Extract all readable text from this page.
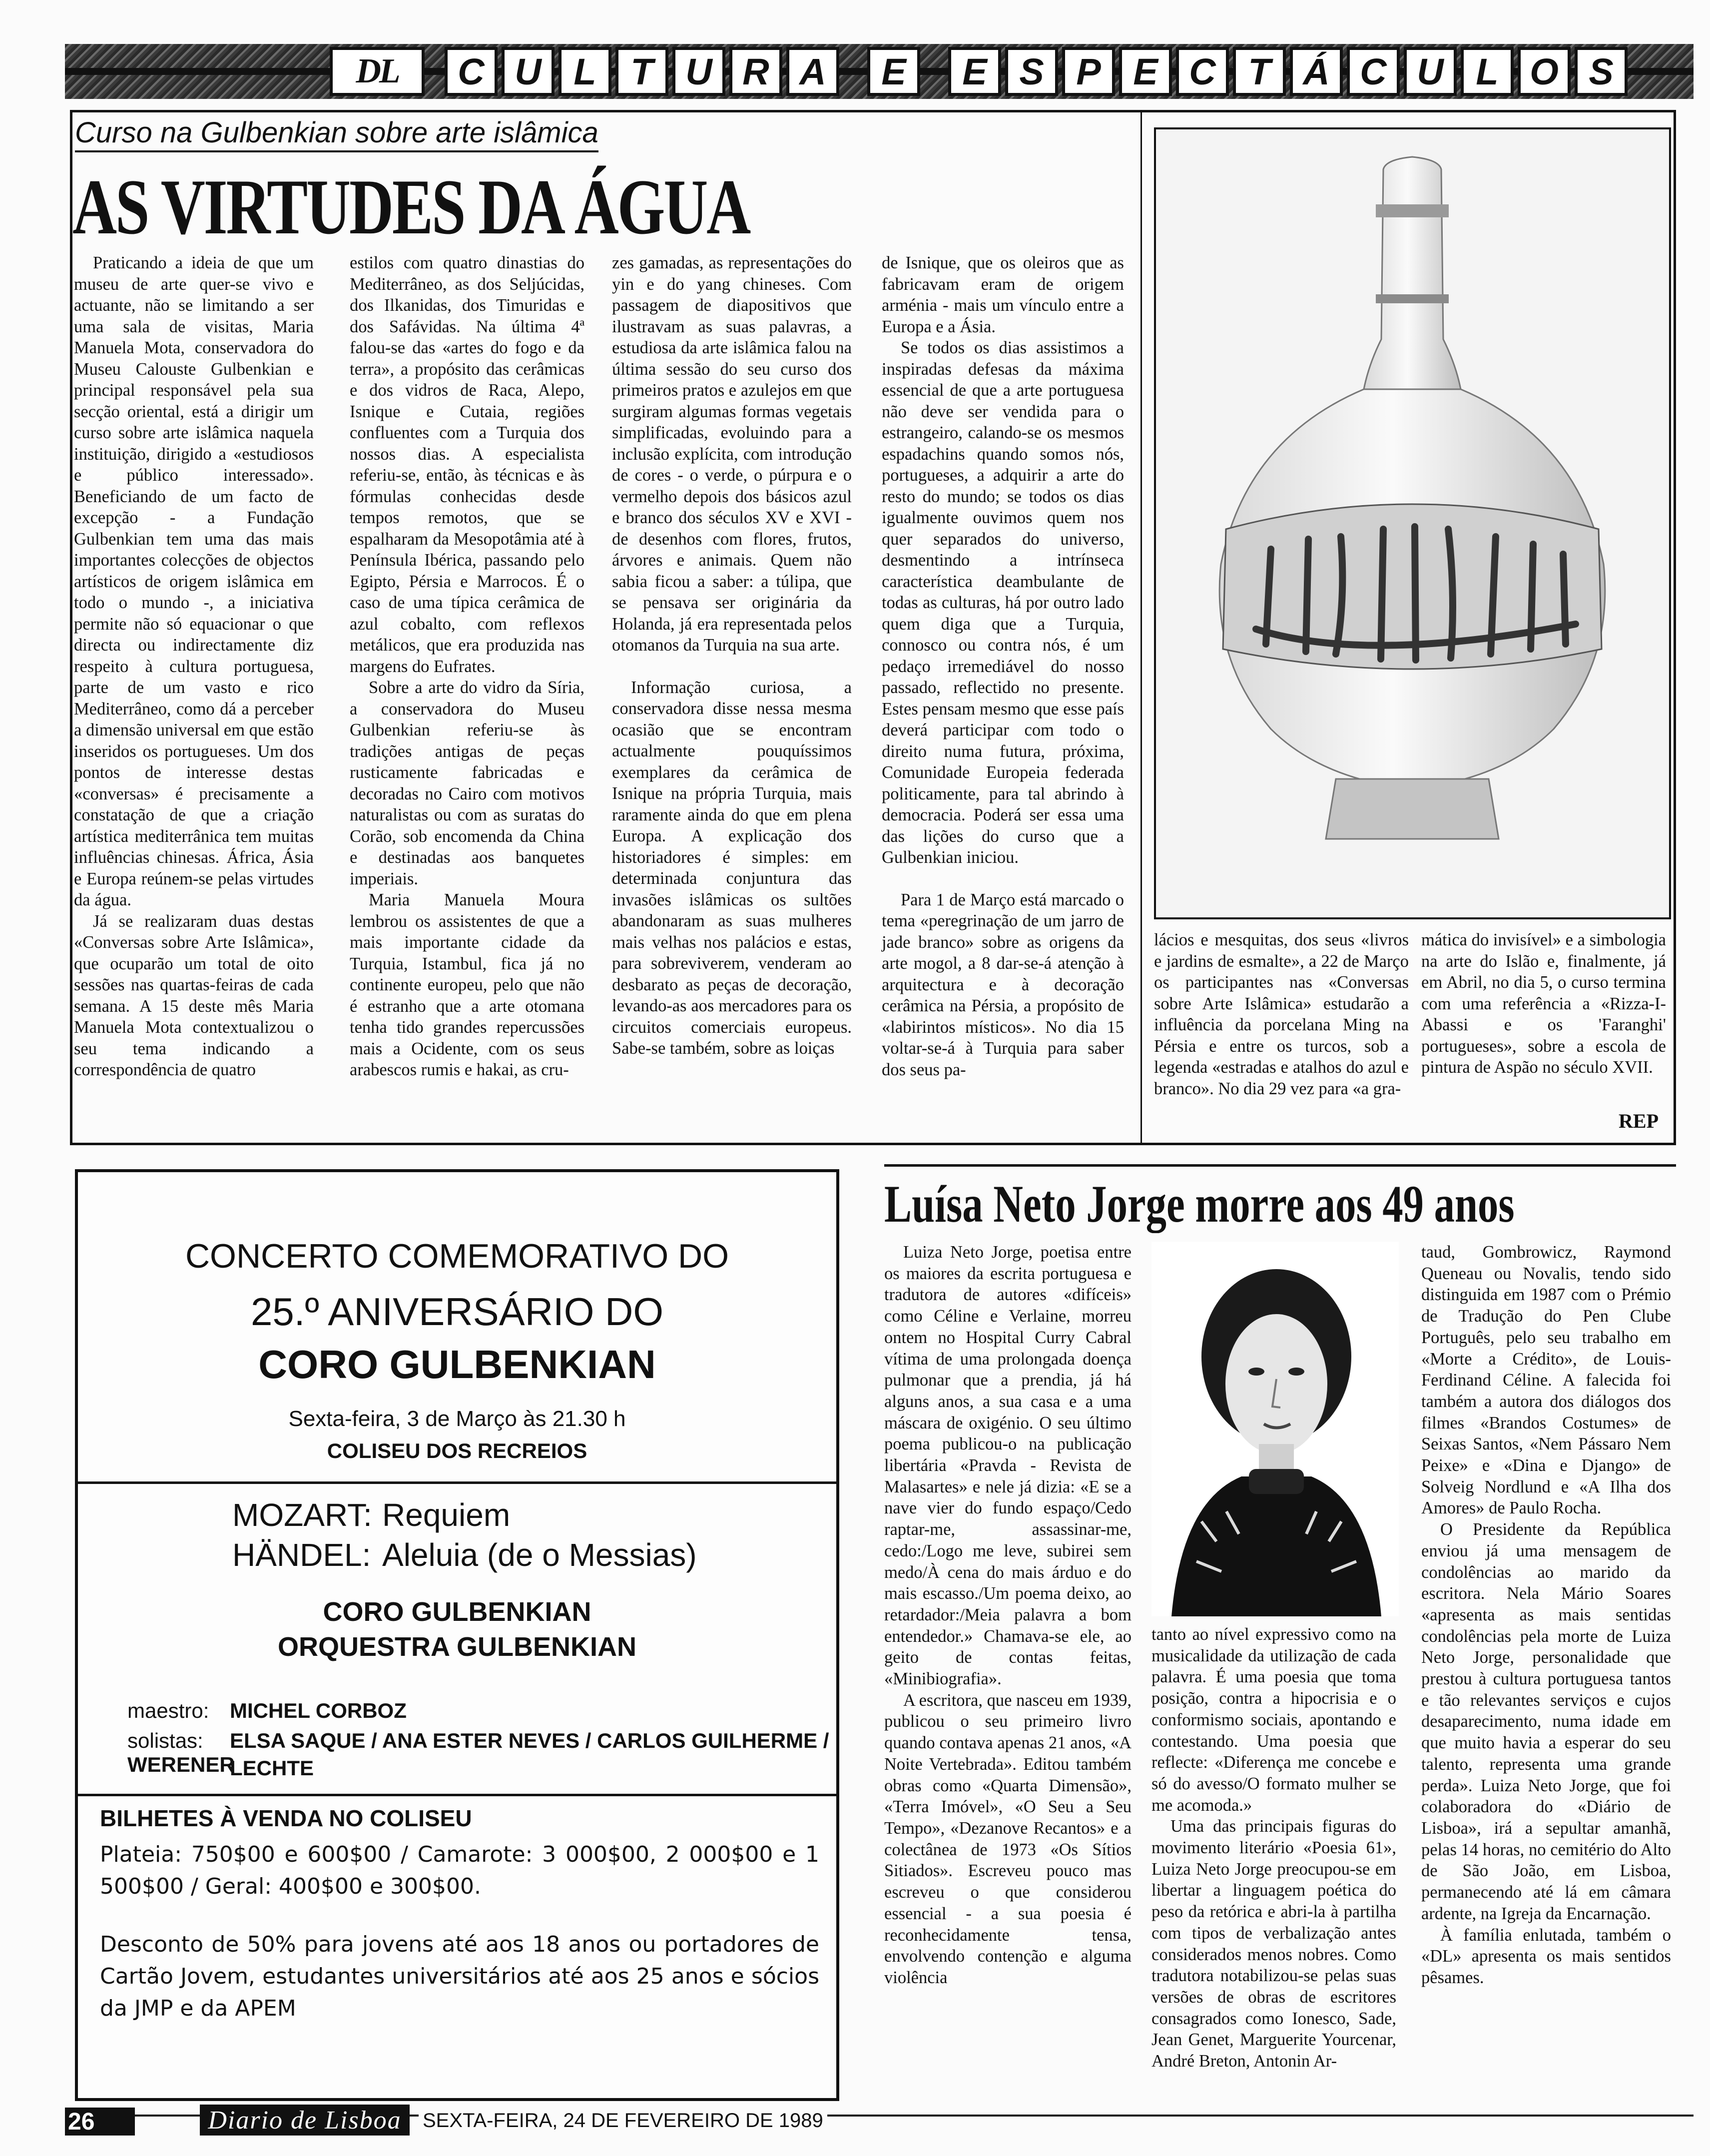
DL	C U L T U R A	E	E S P E C T Á C U L O S
Curso na Gulbenkian sobre arte islâmica
AS VIRTUDES DA ÁGUA

Praticando a ideia de que um museu de arte quer-se vivo e actuante, não se limitando a ser uma sala de visitas, Maria Manuela Mota, conservadora do Museu Calouste Gulbenkian e principal responsável pela sua secção oriental, está a dirigir um curso sobre arte islâmica naquela instituição, dirigido a «estudiosos e público interessado». Beneficiando de um facto de excepção - a Fundação Gulbenkian tem uma das mais importantes colecções de objectos artísticos de origem islâmica em todo o mundo -, a iniciativa permite não só equacionar o que directa ou indirectamente diz respeito à cultura portuguesa, parte de um vasto e rico Mediterrâneo, como dá a perceber a dimensão universal em que estão inseridos os portugueses. Um dos pontos de interesse destas «conversas» é precisamente a constatação de que a criação artística mediterrânica tem muitas influências chinesas. África, Ásia e Europa reúnem-se pelas virtudes da água.

Já se realizaram duas destas «Conversas sobre Arte Islâmica», que ocuparão um total de oito sessões nas quartas-feiras de cada semana. A 15 deste mês Maria Manuela Mota contextualizou o seu tema indicando a correspondência de quatro

estilos com quatro dinastias do Mediterrâneo, as dos Seljúcidas, dos Ilkanidas, dos Timuridas e dos Safávidas. Na última 4ª falou-se das «artes do fogo e da terra», a propósito das cerâmicas e dos vidros de Raca, Alepo, Isnique e Cutaia, regiões confluentes com a Turquia dos nossos dias. A especialista referiu-se, então, às técnicas e às fórmulas conhecidas desde tempos remotos, que se espalharam da Mesopotâmia até à Península Ibérica, passando pelo Egipto, Pérsia e Marrocos. É o caso de uma típica cerâmica de azul cobalto, com reflexos metálicos, que era produzida nas margens do Eufrates.

Sobre a arte do vidro da Síria, a conservadora do Museu Gulbenkian referiu-se às tradições antigas de peças rusticamente fabricadas e decoradas no Cairo com motivos naturalistas ou com as suratas do Corão, sob encomenda da China e destinadas aos banquetes imperiais.

Maria Manuela Moura lembrou os assistentes de que a mais importante cidade da Turquia, Istambul, fica já no continente europeu, pelo que não é estranho que a arte otomana tenha tido grandes repercussões mais a Ocidente, com os seus arabescos rumis e hakai, as cru-

zes gamadas, as representações do yin e do yang chineses. Com passagem de diapositivos que ilustravam as suas palavras, a estudiosa da arte islâmica falou na última sessão do seu curso dos primeiros pratos e azulejos em que surgiram algumas formas vegetais simplificadas, evoluindo para a inclusão explícita, com introdução de cores - o verde, o púrpura e o vermelho depois dos básicos azul e branco dos séculos XV e XVI - de desenhos com flores, frutos, árvores e animais. Quem não sabia ficou a saber: a túlipa, que se pensava ser originária da Holanda, já era representada pelos otomanos da Turquia na sua arte.

Informação curiosa, a conservadora disse nessa mesma ocasião que se encontram actualmente pouquíssimos exemplares da cerâmica de Isnique na própria Turquia, mais raramente ainda do que em plena Europa. A explicação dos historiadores é simples: em determinada conjuntura das invasões islâmicas os sultões abandonaram as suas mulheres mais velhas nos palácios e estas, para sobreviverem, venderam ao desbarato as peças de decoração, levando-as aos mercadores para os circuitos comerciais europeus. Sabe-se também, sobre as loiças

de Isnique, que os oleiros que as fabricavam eram de origem arménia - mais um vínculo entre a Europa e a Ásia.

Se todos os dias assistimos a inspiradas defesas da máxima essencial de que a arte portuguesa não deve ser vendida para o estrangeiro, calando-se os mesmos espadachins quando somos nós, portugueses, a adquirir a arte do resto do mundo; se todos os dias igualmente ouvimos quem nos quer separados do universo, desmentindo a intrínseca característica deambulante de todas as culturas, há por outro lado quem diga que a Turquia, connosco ou contra nós, é um pedaço irremediável do nosso passado, reflectido no presente. Estes pensam mesmo que esse país deverá participar com todo o direito numa futura, próxima, Comunidade Europeia federada politicamente, para tal abrindo à democracia. Poderá ser essa uma das lições do curso que a Gulbenkian iniciou.

Para 1 de Março está marcado o tema «peregrinação de um jarro de jade branco» sobre as origens da arte mogol, a 8 dar-se-á atenção à arquitectura e à decoração cerâmica na Pérsia, a propósito de «labirintos místicos». No dia 15 voltar-se-á à Turquia para saber dos seus pa-

lácios e mesquitas, dos seus «livros e jardins de esmalte», a 22 de Março os participantes nas «Conversas sobre Arte Islâmica» estudarão a influência da porcelana Ming na Pérsia e entre os turcos, sob a legenda «estradas e atalhos do azul e branco». No dia 29 vez para «a gra-

mática do invisível» e a simbologia na arte do Islão e, finalmente, já em Abril, no dia 5, o curso termina com uma referência a «Rizza-I-Abassi e os 'Faranghi' portugueses», sobre a escola de pintura de Aspão no século XVII.

REP
CONCERTO COMEMORATIVO DO
25.º ANIVERSÁRIO DO
CORO GULBENKIAN
Sexta-feira, 3 de Março às 21.30 h
COLISEU DOS RECREIOS
MOZART: Requiem
HÄNDEL: Aleluia (de o Messias)
CORO GULBENKIAN
ORQUESTRA GULBENKIAN
maestro: MICHEL CORBOZ
solistas: ELSA SAQUE / ANA ESTER NEVES / CARLOS GUILHERME / WERENER
LECHTE
BILHETES À VENDA NO COLISEU
Plateia: 750$00 e 600$00 / Camarote: 3 000$00, 2 000$00 e 1 500$00 / Geral: 400$00 e 300$00.
Desconto de 50% para jovens até aos 18 anos ou portadores de Cartão Jovem, estudantes universitários até aos 25 anos e sócios da JMP e da APEM
Luísa Neto Jorge morre aos 49 anos

Luiza Neto Jorge, poetisa entre os maiores da escrita portuguesa e tradutora de autores «difíceis» como Céline e Verlaine, morreu ontem no Hospital Curry Cabral vítima de uma prolongada doença pulmonar que a prendia, já há alguns anos, a sua casa e a uma máscara de oxigénio. O seu último poema publicou-o na publicação libertária «Pravda - Revista de Malasartes» e nele já dizia: «E se a nave vier do fundo espaço/Cedo raptar-me, assassinar-me, cedo:/Logo me leve, subirei sem medo/À cena do mais árduo e do mais escasso./Um poema deixo, ao retardador:/Meia palavra a bom entendedor.» Chamava-se ele, ao geito de contas feitas, «Minibiografia».

A escritora, que nasceu em 1939, publicou o seu primeiro livro quando contava apenas 21 anos, «A Noite Vertebrada». Editou também obras como «Quarta Dimensão», «Terra Imóvel», «O Seu a Seu Tempo», «Dezanove Recantos» e a colectânea de 1973 «Os Sítios Sitiados». Escreveu pouco mas escreveu o que considerou essencial - a sua poesia é reconhecidamente tensa, envolvendo contenção e alguma violência

tanto ao nível expressivo como na musicalidade da utilização de cada palavra. É uma poesia que toma posição, contra a hipocrisia e o conformismo sociais, apontando e contestando. Uma poesia que reflecte: «Diferença me concebe e só do avesso/O formato mulher se me acomoda.»

Uma das principais figuras do movimento literário «Poesia 61», Luiza Neto Jorge preocupou-se em libertar a linguagem poética do peso da retórica e abri-la à partilha com tipos de verbalização antes considerados menos nobres. Como tradutora notabilizou-se pelas suas versões de obras de escritores consagrados como Ionesco, Sade, Jean Genet, Marguerite Yourcenar, André Breton, Antonin Ar-

taud, Gombrowicz, Raymond Queneau ou Novalis, tendo sido distinguida em 1987 com o Prémio de Tradução do Pen Clube Português, pelo seu trabalho em «Morte a Crédito», de Louis-Ferdinand Céline. A falecida foi também a autora dos diálogos dos filmes «Brandos Costumes» de Seixas Santos, «Nem Pássaro Nem Peixe» e «Dina e Django» de Solveig Nordlund e «A Ilha dos Amores» de Paulo Rocha.

O Presidente da República enviou já uma mensagem de condolências ao marido da escritora. Nela Mário Soares «apresenta as mais sentidas condolências pela morte de Luiza Neto Jorge, personalidade que prestou à cultura portuguesa tantos e tão relevantes serviços e cujos desaparecimento, numa idade em que muito havia a esperar do seu talento, representa uma grande perda». Luiza Neto Jorge, que foi colaboradora do «Diário de Lisboa», irá a sepultar amanhã, pelas 14 horas, no cemitério do Alto de São João, em Lisboa, permanecendo até lá em câmara ardente, na Igreja da Encarnação.

À família enlutada, também o «DL» apresenta os mais sentidos pêsames.

26	Diario de Lisboa	SEXTA-FEIRA, 24 DE FEVEREIRO DE 1989
